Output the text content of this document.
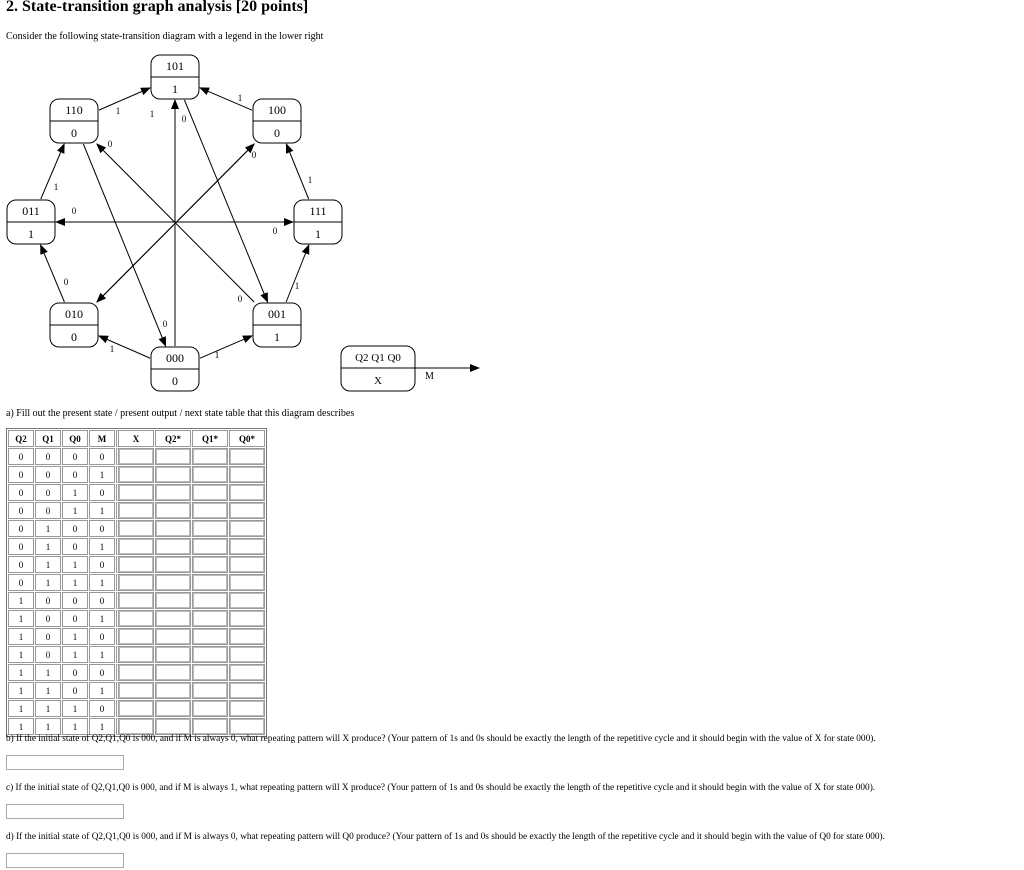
2. State-transition graph analysis [20 points]

Consider the following state-transition diagram with a legend in the lower right

0
1
1
0
1
1
1
1
1
0
0
0
0
0
0
1
101
1
110
0
100
0
011
1
111
1
010
0
001
1
000
0
Q2 Q1 Q0
X	M

a) Fill out the present state / present output / next state table that this diagram describes

Q2	Q1	Q0	M	X	Q2*	Q1*	Q0*
0	0	0	0	

0	0	0	1	

0	0	1	0	

0	0	1	1	

0	1	0	0	

0	1	0	1	

0	1	1	0	

0	1	1	1	

1	0	0	0	

1	0	0	1	

1	0	1	0	

1	0	1	1	

1	1	0	0	

1	1	0	1	

1	1	1	0	

1	1	1	1	

b) If the initial state of Q2,Q1,Q0 is 000, and if M is always 0, what repeating pattern will X produce? (Your pattern of 1s and 0s should be exactly the length of the repetitive cycle and it should begin with the value of X for state 000).

c) If the initial state of Q2,Q1,Q0 is 000, and if M is always 1, what repeating pattern will X produce? (Your pattern of 1s and 0s should be exactly the length of the repetitive cycle and it should begin with the value of X for state 000).

d) If the initial state of Q2,Q1,Q0 is 000, and if M is always 0, what repeating pattern will Q0 produce? (Your pattern of 1s and 0s should be exactly the length of the repetitive cycle and it should begin with the value of Q0 for state 000).
